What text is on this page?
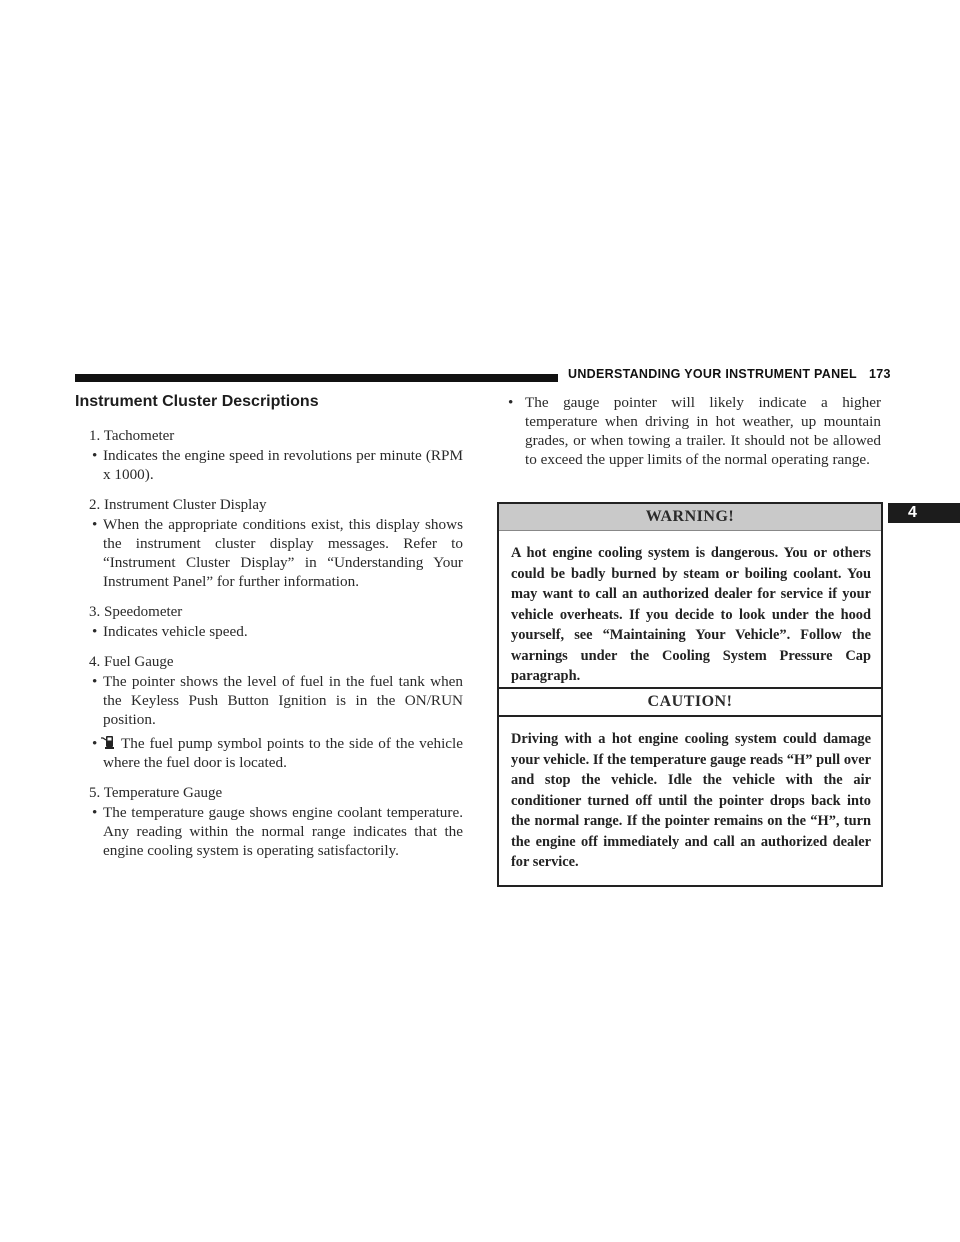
UNDERSTANDING YOUR INSTRUMENT PANEL 173
4
Instrument Cluster Descriptions
1. Tachometer
• Indicates the engine speed in revolutions per minute (RPM x 1000).
2. Instrument Cluster Display
• When the appropriate conditions exist, this display shows the instrument cluster display messages. Refer to “Instrument Cluster Display” in “Understanding Your Instrument Panel” for further information.
3. Speedometer
• Indicates vehicle speed.
4. Fuel Gauge
• The pointer shows the level of fuel in the fuel tank when the Keyless Push Button Ignition is in the ON/RUN position.
• The fuel pump symbol points to the side of the vehicle where the fuel door is located.
5. Temperature Gauge
• The temperature gauge shows engine coolant temperature. Any reading within the normal range indicates that the engine cooling system is operating satisfactorily.
• The gauge pointer will likely indicate a higher temperature when driving in hot weather, up mountain grades, or when towing a trailer. It should not be allowed to exceed the upper limits of the normal operating range.
WARNING!
A hot engine cooling system is dangerous. You or others could be badly burned by steam or boiling coolant. You may want to call an authorized dealer for service if your vehicle overheats. If you decide to look under the hood yourself, see “Maintaining Your Vehicle”. Follow the warnings under the Cooling System Pressure Cap paragraph.
CAUTION!
Driving with a hot engine cooling system could damage your vehicle. If the temperature gauge reads “H” pull over and stop the vehicle. Idle the vehicle with the air conditioner turned off until the pointer drops back into the normal range. If the pointer remains on the “H”, turn the engine off immediately and call an authorized dealer for service.
